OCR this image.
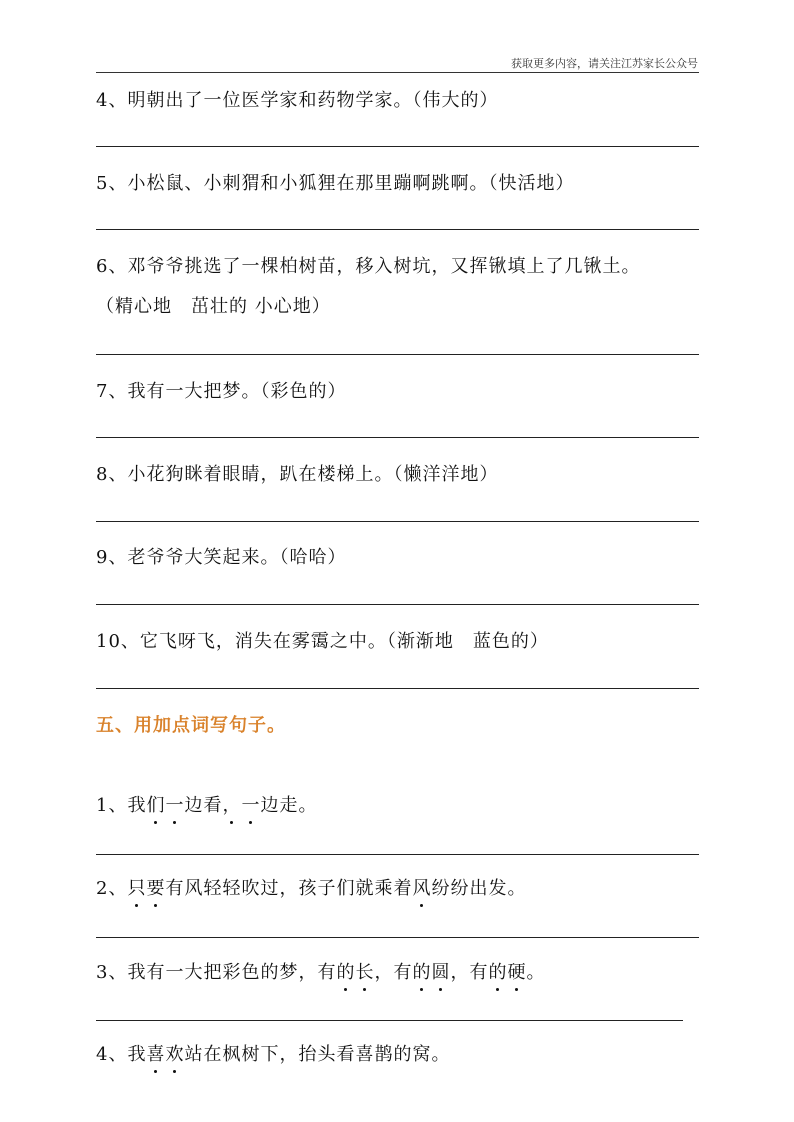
获取更多内容，请关注江苏家长公众号
4、明朝出了一位医学家和药物学家。（伟大的）
5、小松鼠、小刺猬和小狐狸在那里蹦啊跳啊。（快活地）
6、邓爷爷挑选了一棵柏树苗，移入树坑，又挥锹填上了几锹土。
（精心地　茁壮的 小心地）
7、我有一大把梦。（彩色的）
8、小花狗眯着眼睛，趴在楼梯上。（懒洋洋地）
9、老爷爷大笑起来。（哈哈）
10、它飞呀飞，消失在雾霭之中。（渐渐地　蓝色的）
五、用加点词写句子。
1、我们一边看，一边走。
2、只要有风轻轻吹过，孩子们就乘着风纷纷出发。
3、我有一大把彩色的梦，有的长，有的圆，有的硬。
4、我喜欢站在枫树下，抬头看喜鹊的窝。
